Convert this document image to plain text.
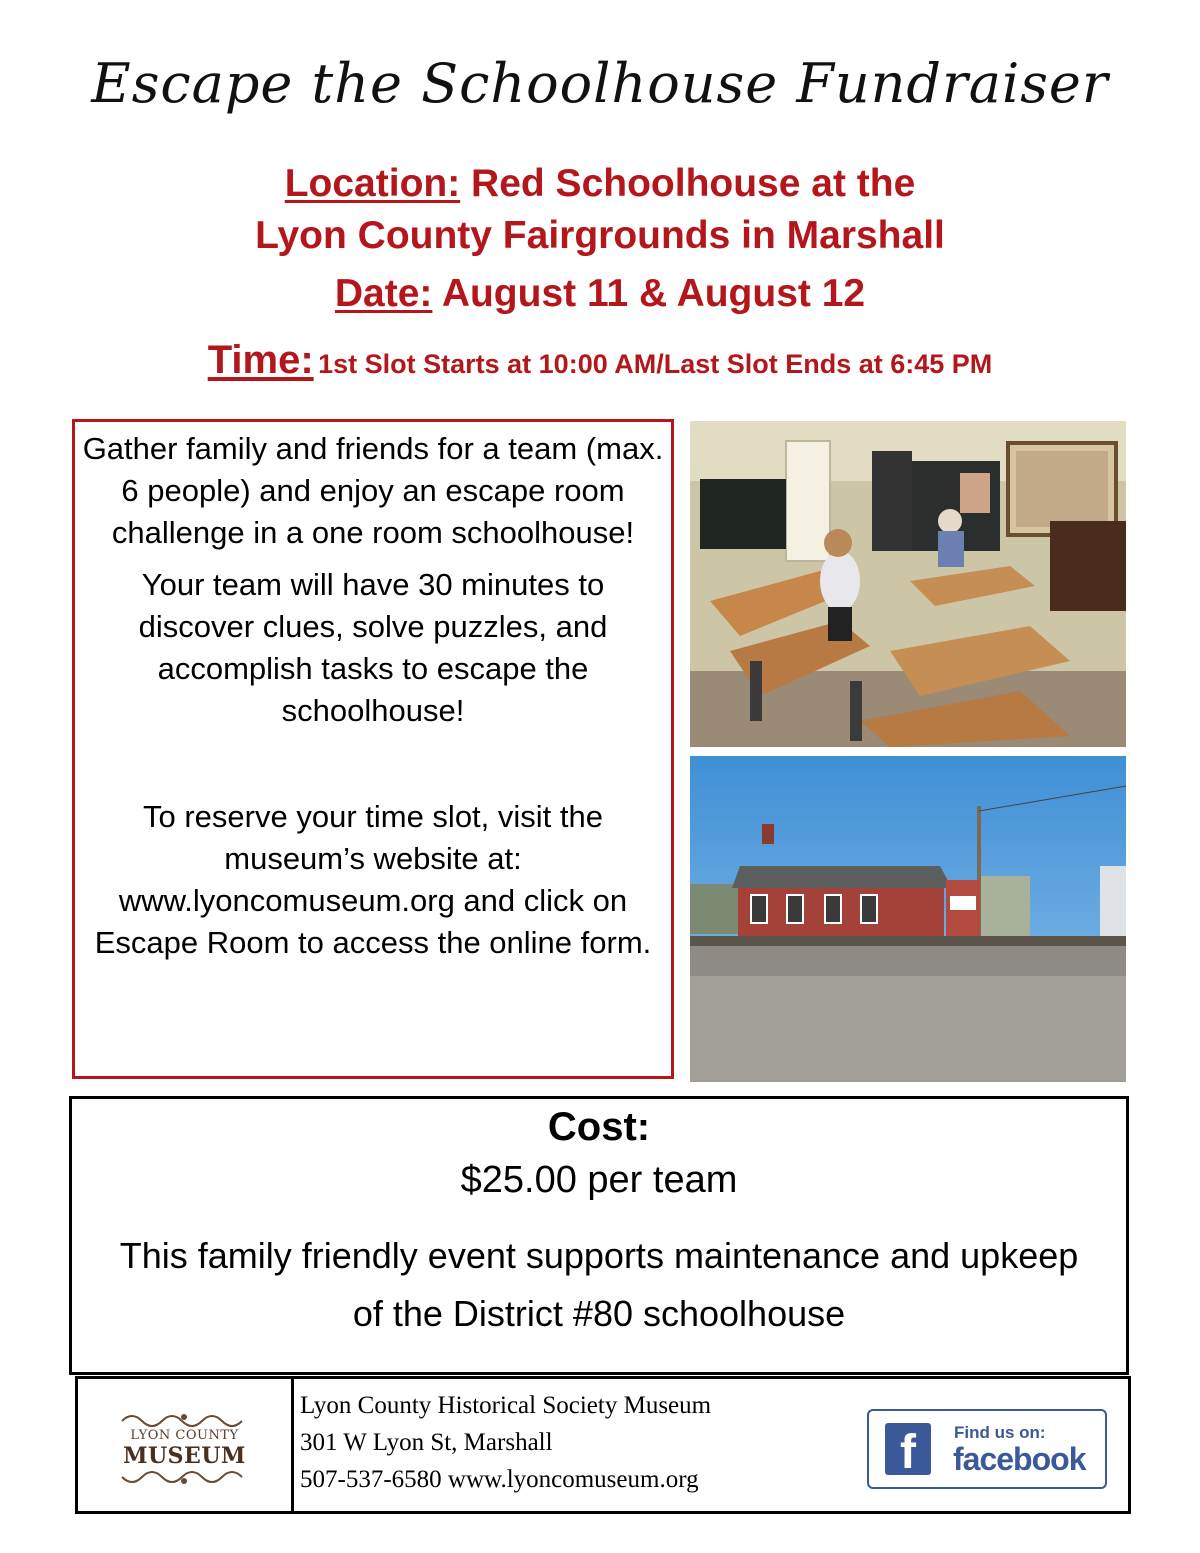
Escape the Schoolhouse Fundraiser
Location: Red Schoolhouse at the
Lyon County Fairgrounds in Marshall
Date: August 11 & August 12
Time: 1st Slot Starts at 10:00 AM/Last Slot Ends at 6:45 PM

Gather family and friends for a team (max. 6 people) and enjoy an escape room challenge in a one room schoolhouse!

Your team will have 30 minutes to discover clues, solve puzzles, and accomplish tasks to escape the schoolhouse!

To reserve your time slot, visit the museum’s website at: www.lyoncomuseum.org and click on Escape Room to access the online form.

Cost:
$25.00 per team
This family friendly event supports maintenance and upkeep of the District #80 schoolhouse
LYON COUNTY
MUSEUM
Lyon County Historical Society Museum
301 W Lyon St, Marshall
507-537-6580 www.lyoncomuseum.org
f	Find us on:
facebook
